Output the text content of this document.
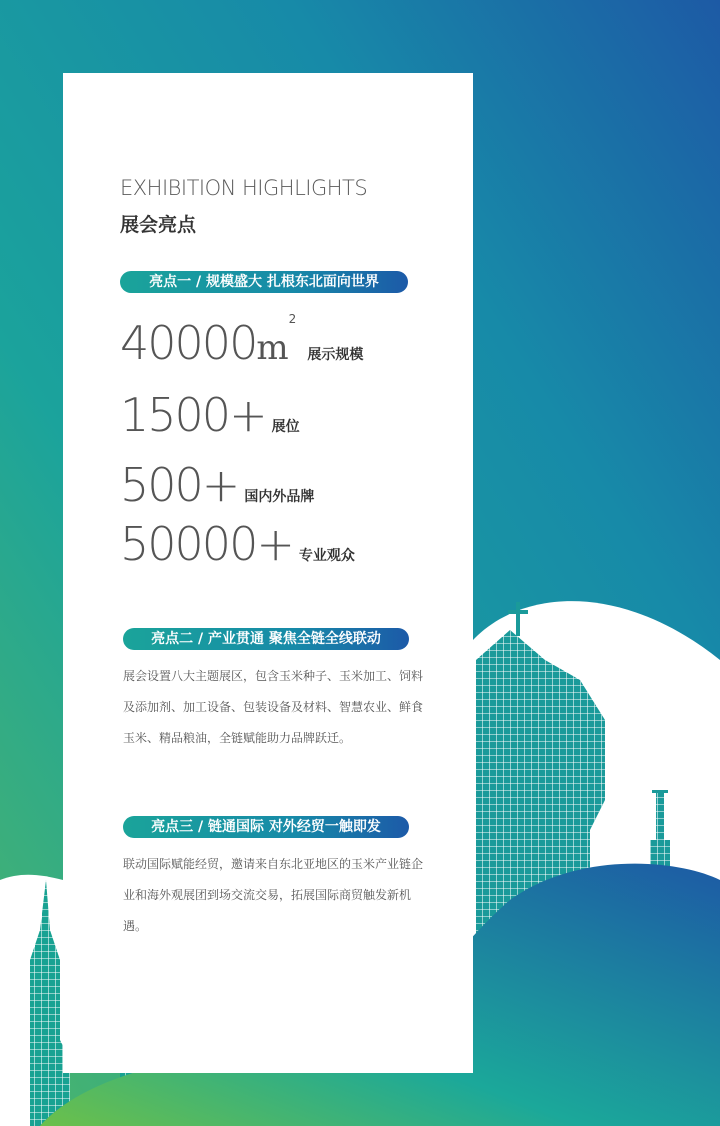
EXHIBITION HIGHLIGHTS
展会亮点
亮点一 / 规模盛大 扎根东北面向世界
$40000m^2$ 展示规模
1500+ 展位
500+ 国内外品牌
50000+ 专业观众
亮点二 / 产业贯通 聚焦全链全线联动
展会设置八大主题展区，包含玉米种子、玉米加工、饲料及添加剂、加工设备、包装设备及材料、智慧农业、鲜食玉米、精品粮油，全链赋能助力品牌跃迁。
亮点三 / 链通国际 对外经贸一触即发
联动国际赋能经贸，邀请来自东北亚地区的玉米产业链企业和海外观展团到场交流交易，拓展国际商贸触发新机遇。
